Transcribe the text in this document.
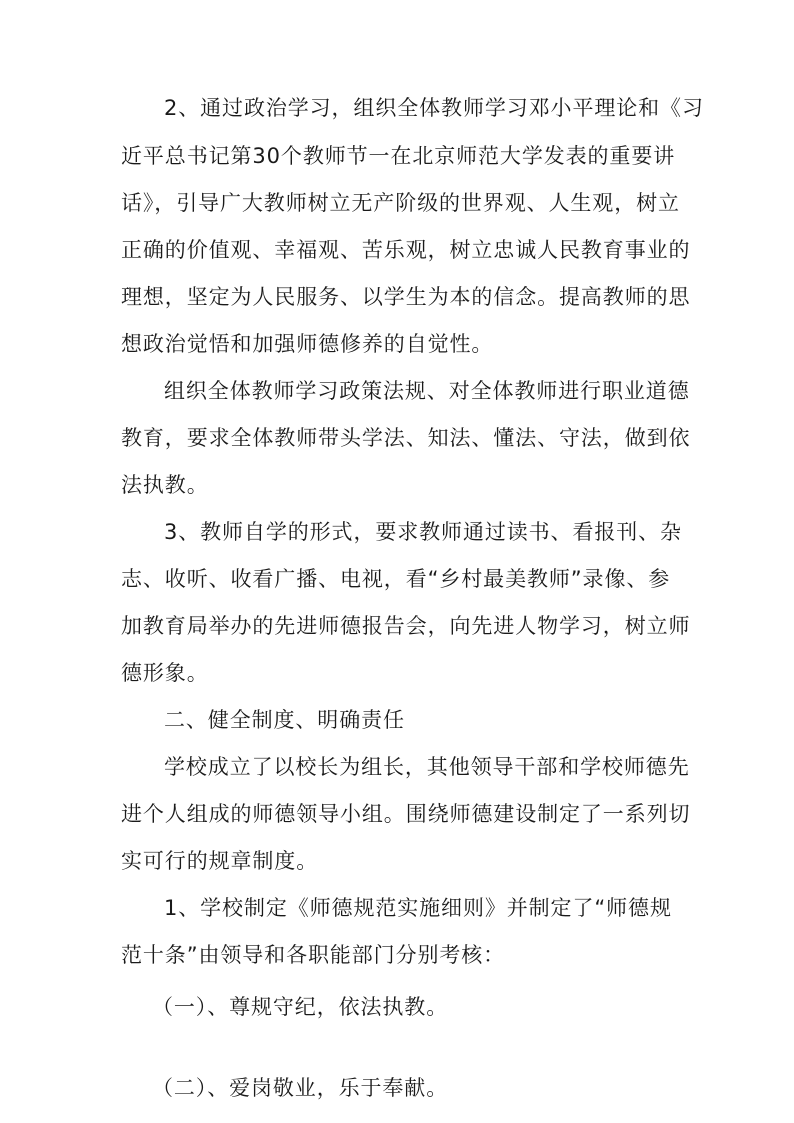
2、通过政治学习，组织全体教师学习邓小平理论和《习
近平总书记第30个教师节一在北京师范大学发表的重要讲
话》，引导广大教师树立无产阶级的世界观、人生观，树立
正确的价值观、幸福观、苦乐观，树立忠诚人民教育事业的
理想，坚定为人民服务、以学生为本的信念。提高教师的思
想政治觉悟和加强师德修养的自觉性。
组织全体教师学习政策法规、对全体教师进行职业道德
教育，要求全体教师带头学法、知法、懂法、守法，做到依
法执教。
3、教师自学的形式，要求教师通过读书、看报刊、杂
志、收听、收看广播、电视，看“乡村最美教师”录像、参
加教育局举办的先进师德报告会，向先进人物学习，树立师
德形象。
二、健全制度、明确责任
学校成立了以校长为组长，其他领导干部和学校师德先
进个人组成的师德领导小组。围绕师德建设制定了一系列切
实可行的规章制度。
1、学校制定《师德规范实施细则》并制定了“师德规
范十条”由领导和各职能部门分别考核：
（一）、尊规守纪，依法执教。
（二）、爱岗敬业，乐于奉献。
